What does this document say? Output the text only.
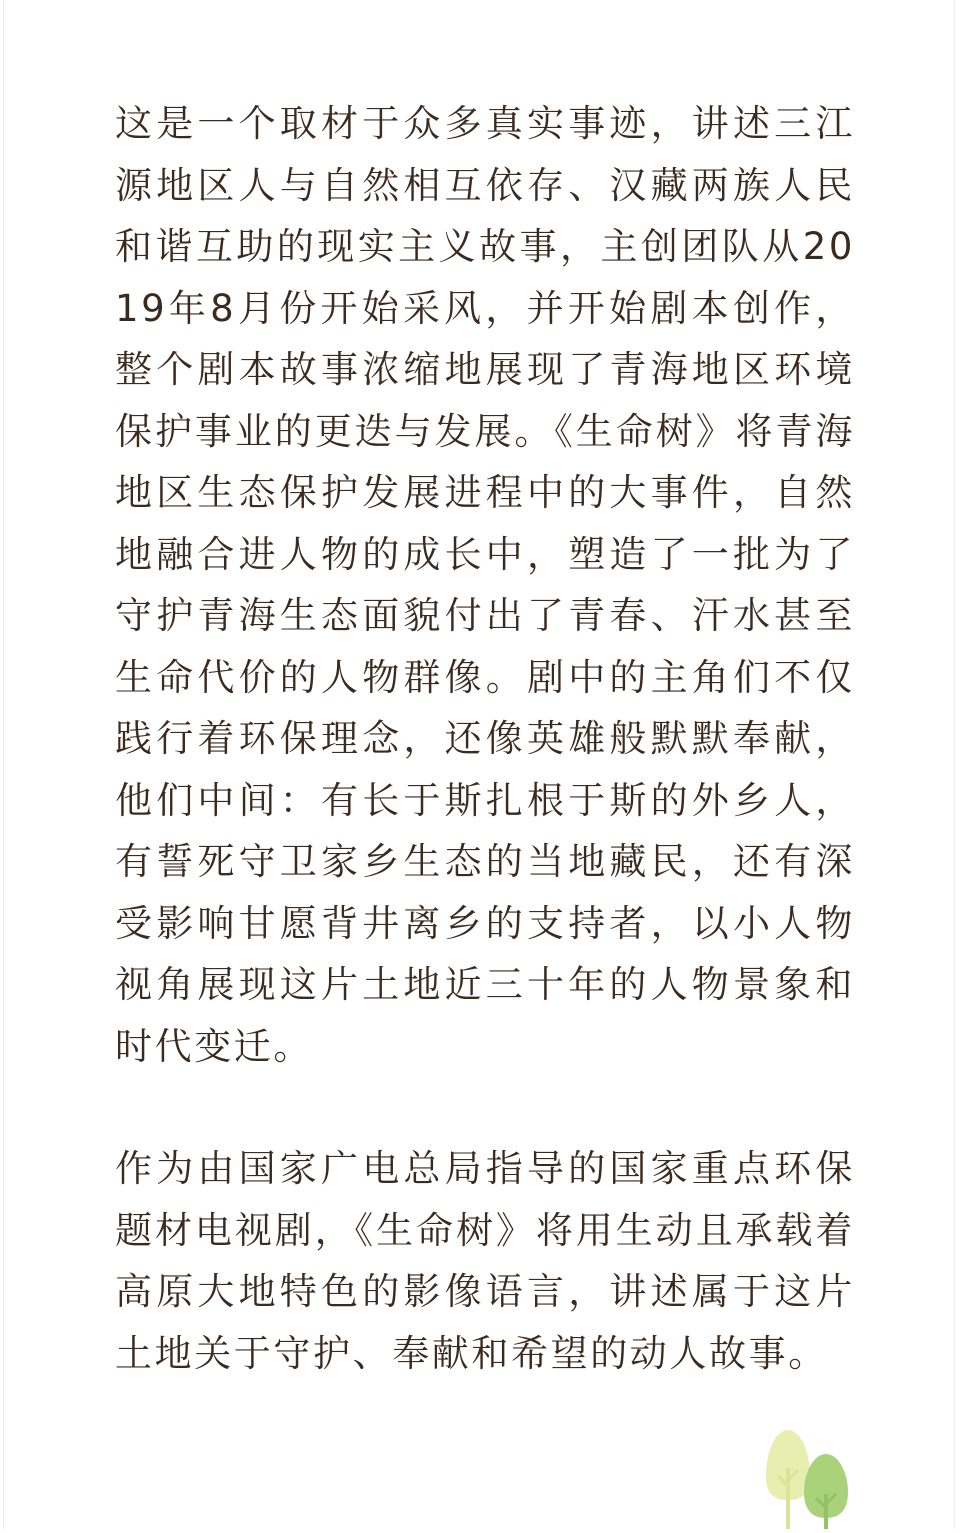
这是一个取材于众多真实事迹，讲述三江源地区人与自然相互依存、汉藏两族人民和谐互助的现实主义故事，主创团队从2019年8月份开始采风，并开始剧本创作，整个剧本故事浓缩地展现了青海地区环境保护事业的更迭与发展。《生命树》将青海地区生态保护发展进程中的大事件，自然地融合进人物的成长中，塑造了一批为了守护青海生态面貌付出了青春、汗水甚至生命代价的人物群像。剧中的主角们不仅践行着环保理念，还像英雄般默默奉献，他们中间：有长于斯扎根于斯的外乡人，有誓死守卫家乡生态的当地藏民，还有深受影响甘愿背井离乡的支持者，以小人物视角展现这片土地近三十年的人物景象和时代变迁。

作为由国家广电总局指导的国家重点环保题材电视剧，《生命树》将用生动且承载着高原大地特色的影像语言，讲述属于这片土地关于守护、奉献和希望的动人故事。
